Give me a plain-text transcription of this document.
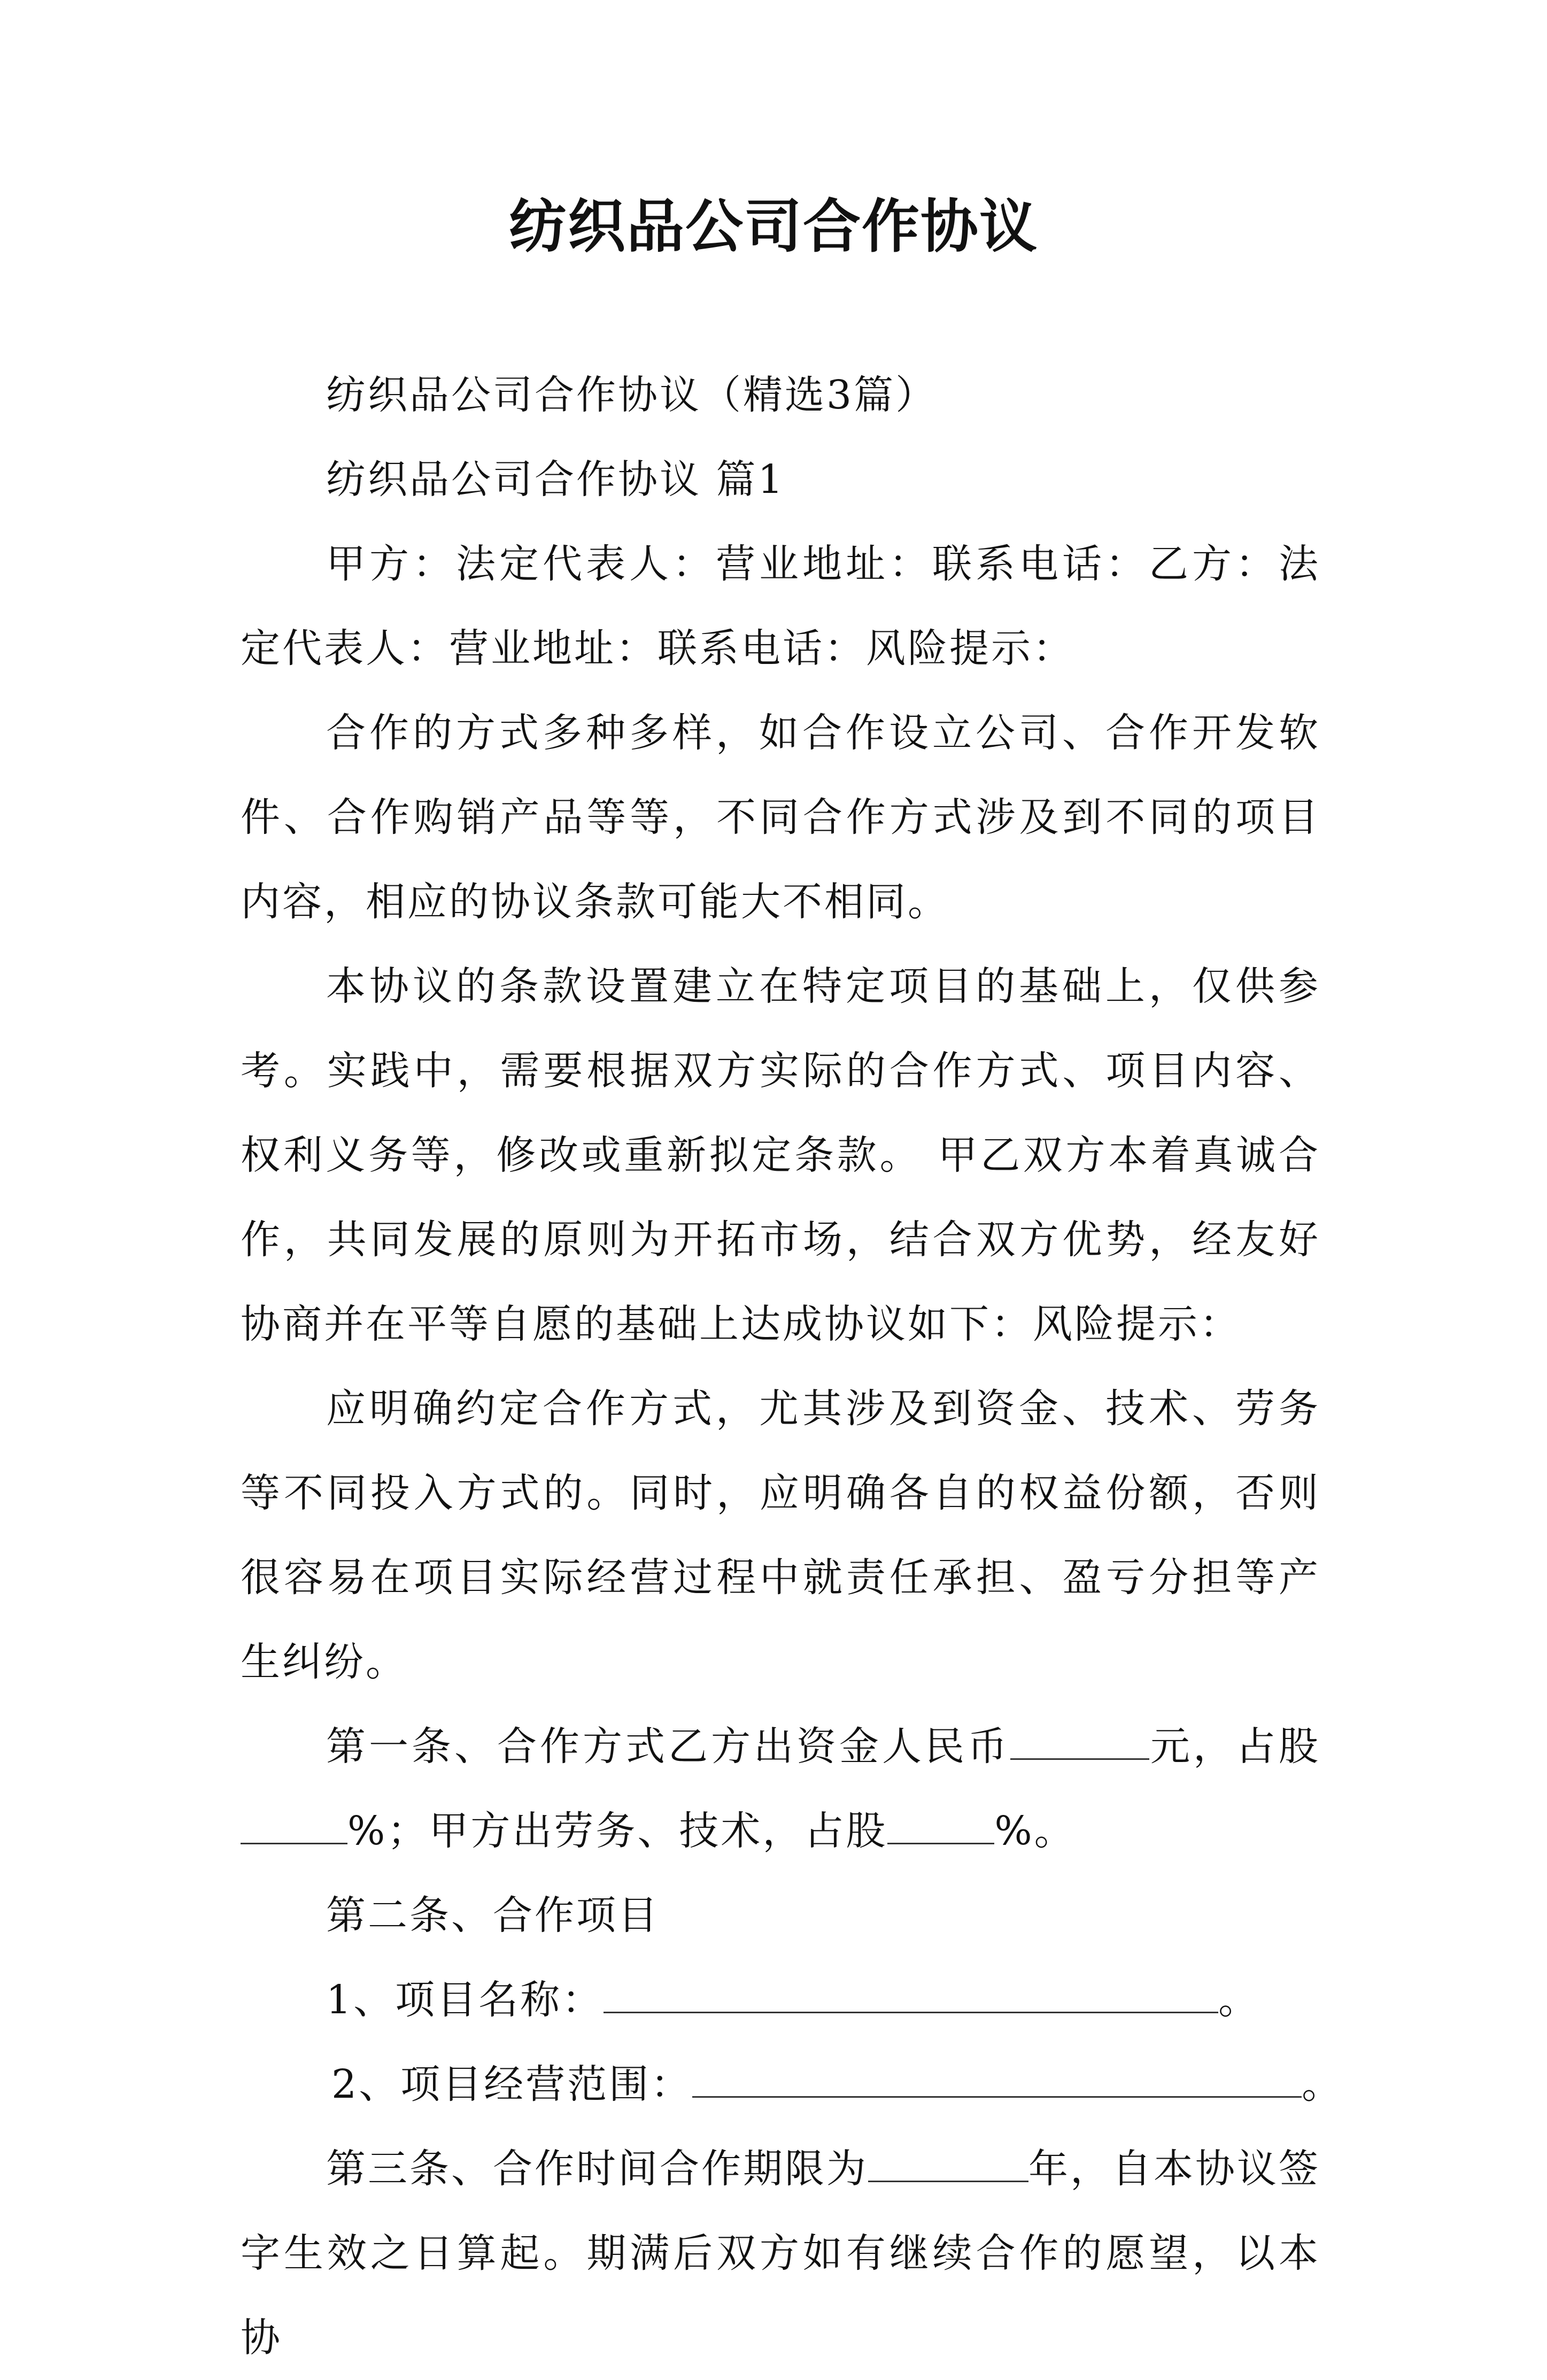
纺织品公司合作协议

纺织品公司合作协议（精选3篇）

纺织品公司合作协议 篇1

甲方：法定代表人：营业地址：联系电话：乙方：法定代表人：营业地址：联系电话：风险提示：

合作的方式多种多样，如合作设立公司、合作开发软件、合作购销产品等等，不同合作方式涉及到不同的项目内容，相应的协议条款可能大不相同。

本协议的条款设置建立在特定项目的基础上，仅供参考。实践中，需要根据双方实际的合作方式、项目内容、权利义务等，修改或重新拟定条款。 甲乙双方本着真诚合作，共同发展的原则为开拓市场，结合双方优势，经友好协商并在平等自愿的基础上达成协议如下：风险提示：

应明确约定合作方式，尤其涉及到资金、技术、劳务等不同投入方式的。同时，应明确各自的权益份额，否则很容易在项目实际经营过程中就责任承担、盈亏分担等产生纠纷。

第一条、合作方式乙方出资金人民币	元，占股%；甲方出劳务、技术，占股	%。

第二条、合作项目

1、项目名称：	。

2、项目经营范围：	。

第三条、合作时间合作期限为	年，自本协议签字生效之日算起。期满后双方如有继续合作的愿望，以本协
